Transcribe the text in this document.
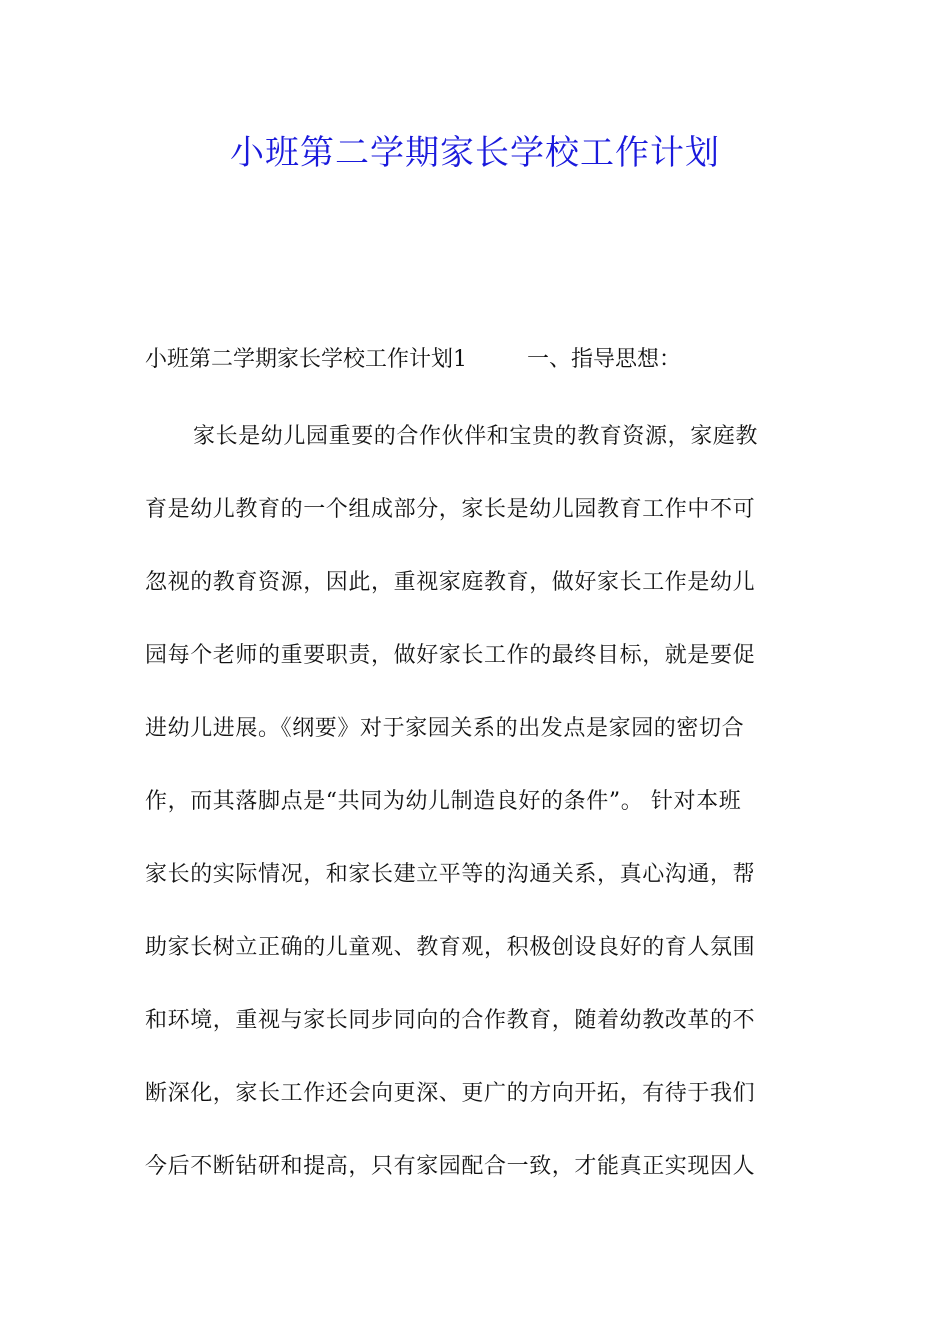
小班第二学期家长学校工作计划
小班第二学期家长学校工作计划1	一、指导思想：
家长是幼儿园重要的合作伙伴和宝贵的教育资源，家庭教
育是幼儿教育的一个组成部分，家长是幼儿园教育工作中不可
忽视的教育资源，因此，重视家庭教育，做好家长工作是幼儿
园每个老师的重要职责，做好家长工作的最终目标，就是要促
进幼儿进展。《纲要》对于家园关系的出发点是家园的密切合
作，而其落脚点是“共同为幼儿制造良好的条件”。 针对本班
家长的实际情况，和家长建立平等的沟通关系，真心沟通，帮
助家长树立正确的儿童观、教育观，积极创设良好的育人氛围
和环境，重视与家长同步同向的合作教育，随着幼教改革的不
断深化，家长工作还会向更深、更广的方向开拓，有待于我们
今后不断钻研和提高，只有家园配合一致，才能真正实现因人
